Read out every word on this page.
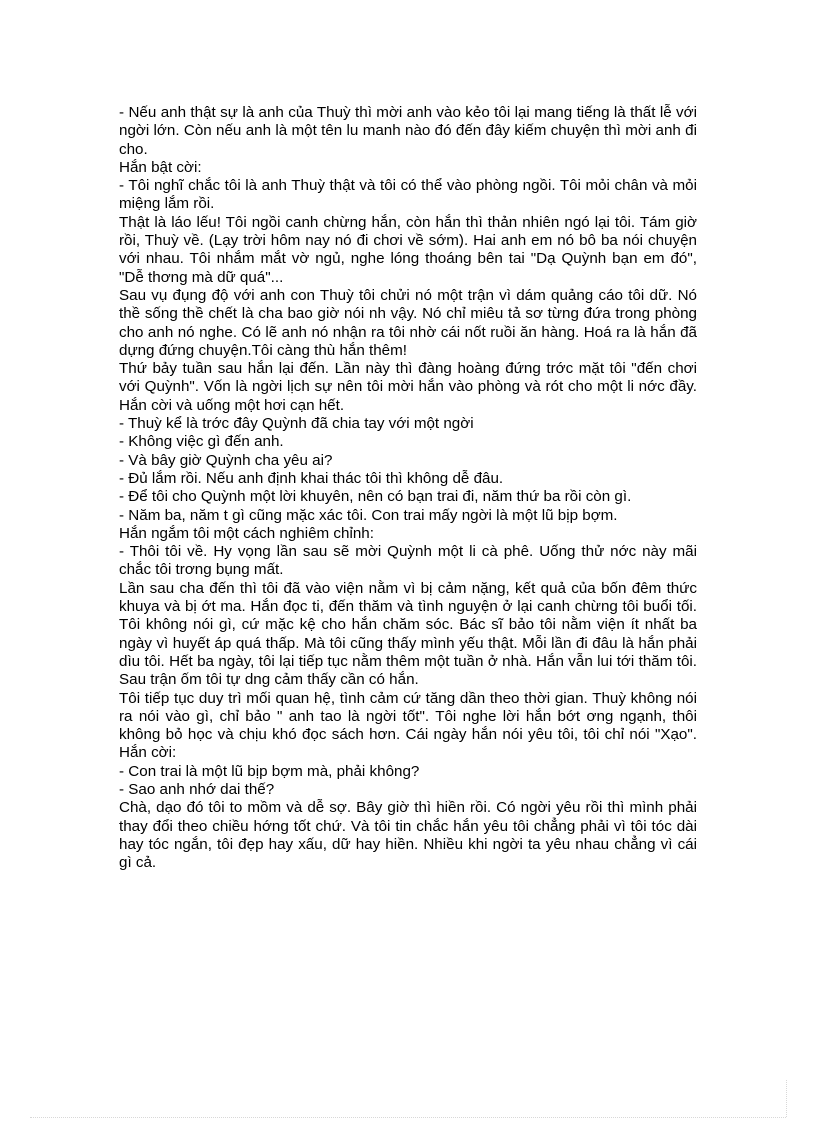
- Nếu anh thật sự là anh của Thuỳ thì mời anh vào kẻo tôi lại mang tiếng là thất lễ với ngời lớn. Còn nếu anh là một tên lu manh nào đó đến đây kiếm chuyện thì mời anh đi cho.

Hắn bật cời:

- Tôi nghĩ chắc tôi là anh Thuỳ thật và tôi có thể vào phòng ngồi. Tôi mỏi chân và mỏi miệng lắm rồi.

Thật là láo lếu! Tôi ngồi canh chừng hắn, còn hắn thì thản nhiên ngó lại tôi. Tám giờ rồi, Thuỳ về. (Lạy trời hôm nay nó đi chơi về sớm). Hai anh em nó bô ba nói chuyện với nhau. Tôi nhắm mắt vờ ngủ, nghe lóng thoáng bên tai "Dạ Quỳnh bạn em đó", "Dễ thơng mà dữ quá"...

Sau vụ đụng độ với anh con Thuỳ tôi chửi nó một trận vì dám quảng cáo tôi dữ. Nó thề sống thề chết là cha bao giờ nói nh vậy. Nó chỉ miêu tả sơ từng đứa trong phòng cho anh nó nghe. Có lẽ anh nó nhận ra tôi nhờ cái nốt ruồi ăn hàng. Hoá ra là hắn đã dựng đứng chuyện.Tôi càng thù hắn thêm!

Thứ bảy tuần sau hắn lại đến. Lần này thì đàng hoàng đứng trớc mặt tôi "đến chơi với Quỳnh". Vốn là ngời lịch sự nên tôi mời hắn vào phòng và rót cho một li nớc đầy. Hắn cời và uống một hơi cạn hết.

- Thuỳ kể là trớc đây Quỳnh đã chia tay với một ngời

- Không việc gì đến anh.

- Và bây giờ Quỳnh cha yêu ai?

- Đủ lắm rồi. Nếu anh định khai thác tôi thì không dễ đâu.

- Để tôi cho Quỳnh một lời khuyên, nên có bạn trai đi, năm thứ ba rồi còn gì.

- Năm ba, năm t gì cũng mặc xác tôi. Con trai mấy ngời là một lũ bịp bợm.

Hắn ngắm tôi một cách nghiêm chỉnh:

- Thôi tôi về. Hy vọng lần sau sẽ mời Quỳnh một li cà phê. Uống thử nớc này mãi chắc tôi trơng bụng mất.

Lần sau cha đến thì tôi đã vào viện nằm vì bị cảm nặng, kết quả của bốn đêm thức khuya và bị ớt ma. Hắn đọc ti, đến thăm và tình nguyện ở lại canh chừng tôi buổi tối. Tôi không nói gì, cứ mặc kệ cho hắn chăm sóc. Bác sĩ bảo tôi nằm viện ít nhất ba ngày vì huyết áp quá thấp. Mà tôi cũng thấy mình yếu thật. Mỗi lần đi đâu là hắn phải dìu tôi. Hết ba ngày, tôi lại tiếp tục nằm thêm một tuần ở nhà. Hắn vẫn lui tới thăm tôi. Sau trận ốm tôi tự dng cảm thấy cần có hắn.

Tôi tiếp tục duy trì mối quan hệ, tình cảm cứ tăng dần theo thời gian. Thuỳ không nói ra nói vào gì, chỉ bảo " anh tao là ngời tốt". Tôi nghe lời hắn bớt ơng ngạnh, thôi không bỏ học và chịu khó đọc sách hơn. Cái ngày hắn nói yêu tôi, tôi chỉ nói "Xạo". Hắn cời:

- Con trai là một lũ bịp bợm mà, phải không?

- Sao anh nhớ dai thế?

Chà, dạo đó tôi to mồm và dễ sợ. Bây giờ thì hiền rồi. Có ngời yêu rồi thì mình phải thay đổi theo chiều hớng tốt chứ. Và tôi tin chắc hắn yêu tôi chẳng phải vì tôi tóc dài hay tóc ngắn, tôi đẹp hay xấu, dữ hay hiền. Nhiều khi ngời ta yêu nhau chẳng vì cái gì cả.
